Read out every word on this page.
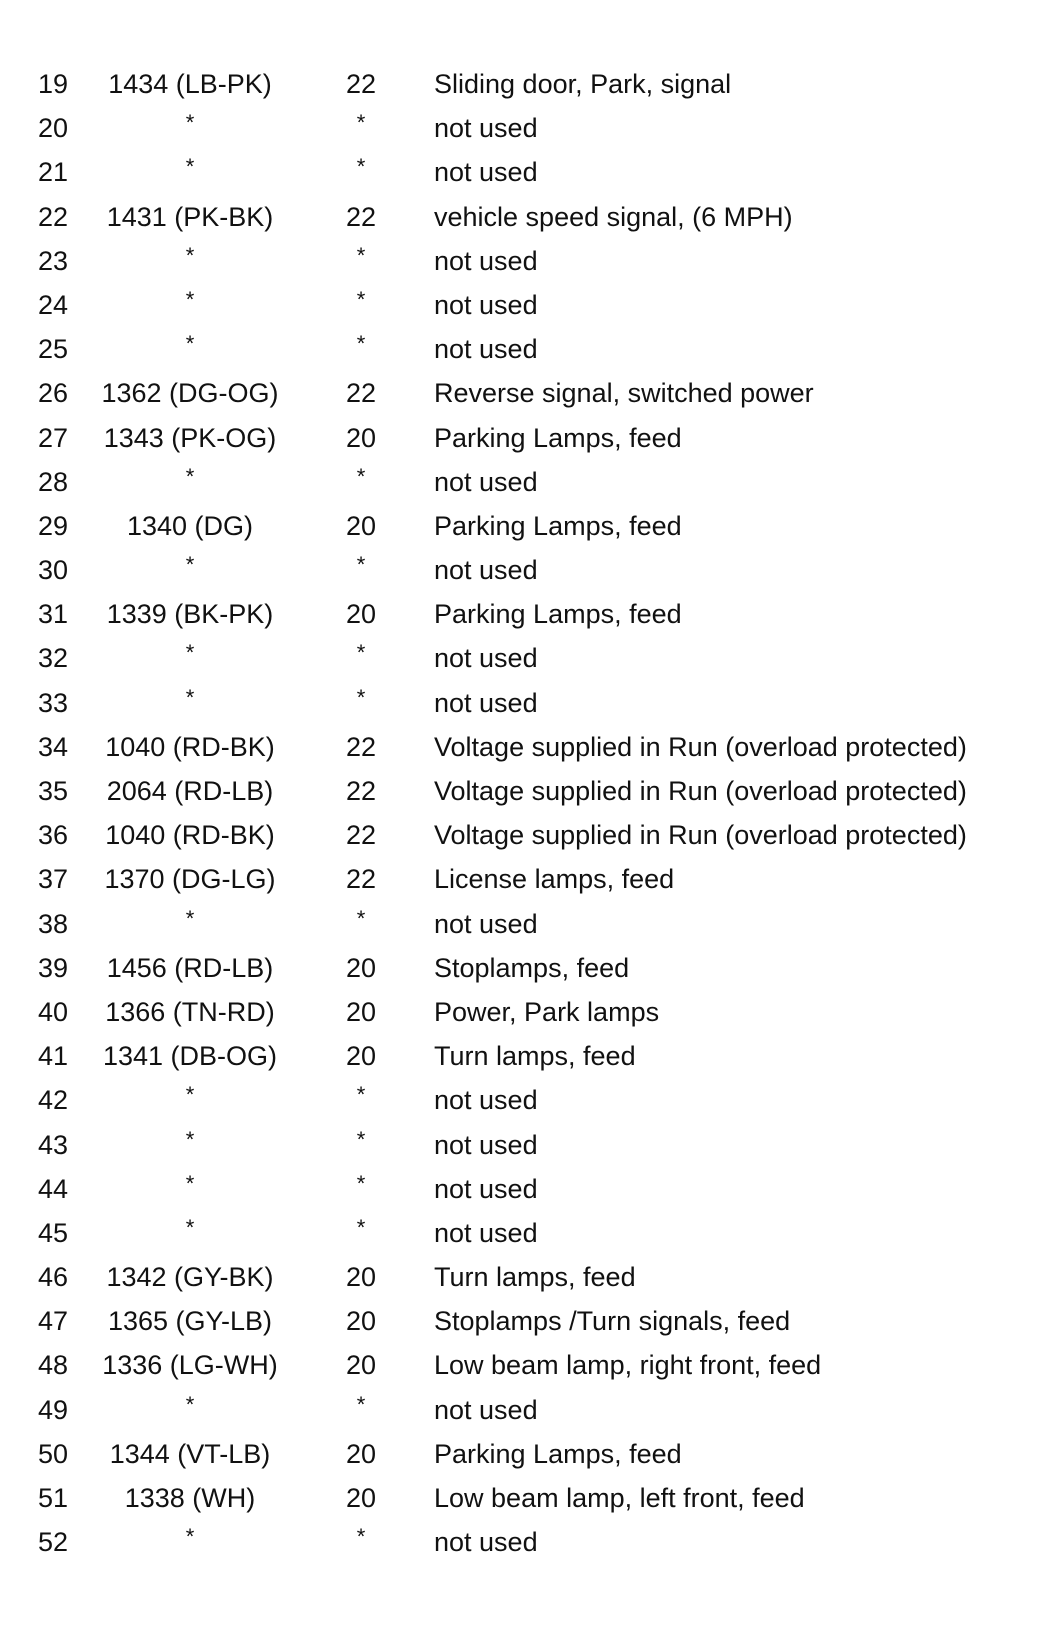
19	1434 (LB-PK)	22	Sliding door, Park, signal
20	*	*	not used
21	*	*	not used
22	1431 (PK-BK)	22	vehicle speed signal, (6 MPH)
23	*	*	not used
24	*	*	not used
25	*	*	not used
26	1362 (DG-OG)	22	Reverse signal, switched power
27	1343 (PK-OG)	20	Parking Lamps, feed
28	*	*	not used
29	1340 (DG)	20	Parking Lamps, feed
30	*	*	not used
31	1339 (BK-PK)	20	Parking Lamps, feed
32	*	*	not used
33	*	*	not used
34	1040 (RD-BK)	22	Voltage supplied in Run (overload protected)
35	2064 (RD-LB)	22	Voltage supplied in Run (overload protected)
36	1040 (RD-BK)	22	Voltage supplied in Run (overload protected)
37	1370 (DG-LG)	22	License lamps, feed
38	*	*	not used
39	1456 (RD-LB)	20	Stoplamps, feed
40	1366 (TN-RD)	20	Power, Park lamps
41	1341 (DB-OG)	20	Turn lamps, feed
42	*	*	not used
43	*	*	not used
44	*	*	not used
45	*	*	not used
46	1342 (GY-BK)	20	Turn lamps, feed
47	1365 (GY-LB)	20	Stoplamps /Turn signals, feed
48	1336 (LG-WH)	20	Low beam lamp, right front, feed
49	*	*	not used
50	1344 (VT-LB)	20	Parking Lamps, feed
51	1338 (WH)	20	Low beam lamp, left front, feed
52	*	*	not used
